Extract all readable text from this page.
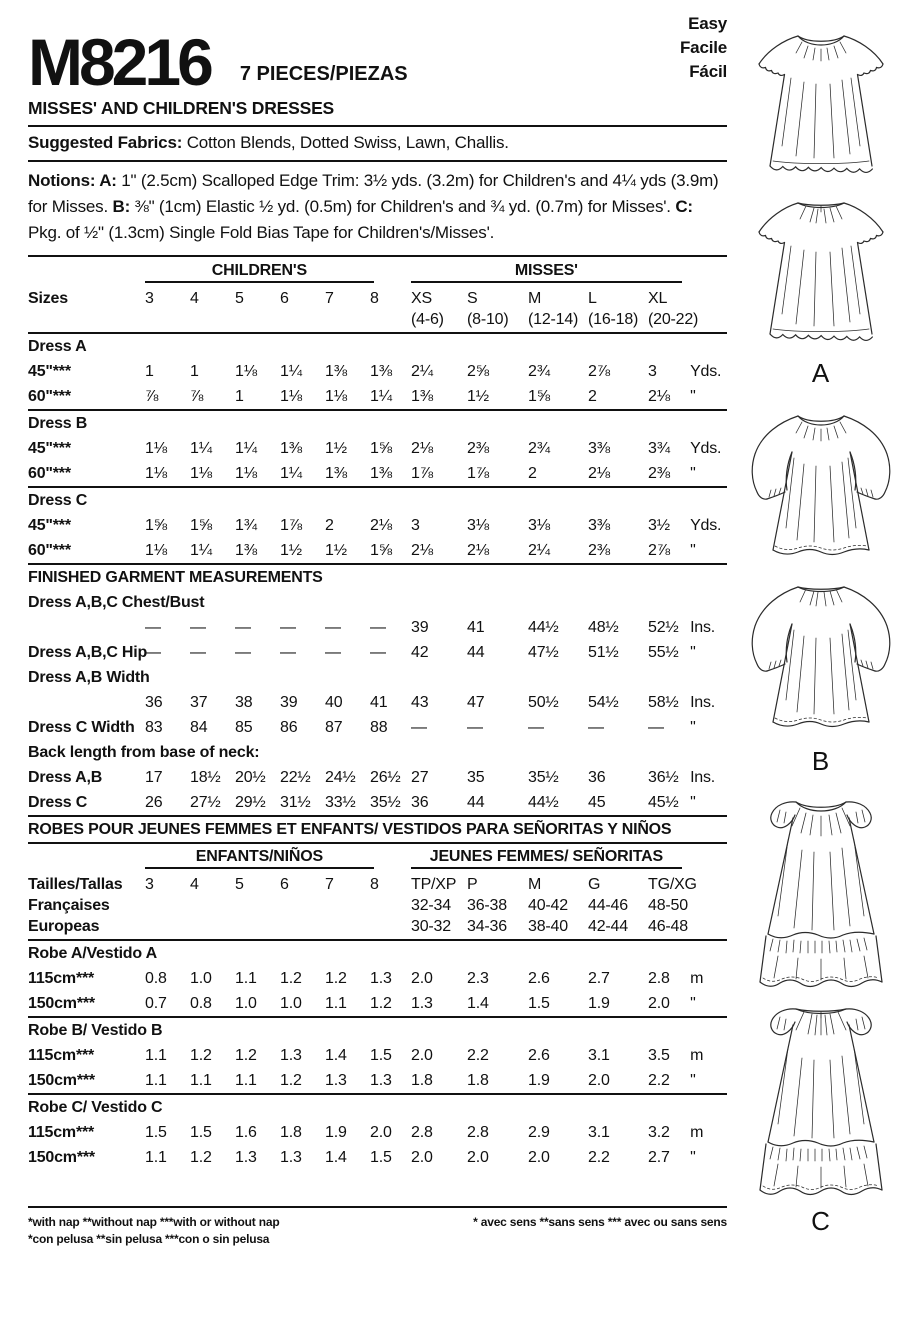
M8216 7 PIECES/PIEZAS
Easy
Facile
Fácil
MISSES' AND CHILDREN'S DRESSES
Suggested Fabrics: Cotton Blends, Dotted Swiss, Lawn, Challis.
Notions: A: 1" (2.5cm) Scalloped Edge Trim: 3½ yds. (3.2m) for Children's and 4¼ yds (3.9m) for Misses. B: ⅜" (1cm) Elastic ½ yd. (0.5m) for Children's and ¾ yd. (0.7m) for Misses'. C: Pkg. of ½" (1.3cm) Single Fold Bias Tape for Children's/Misses'.

	CHILDREN'S						MISSES'					

Sizes	3	4	5	6	7	8	XS	S	M	L	XL	
							(4-6)	(8-10)	(12-14)	(16-18)	(20-22)	
Dress A												
45"***	1	1	1⅛	1¼	1⅜	1⅜	2¼	2⅝	2¾	2⅞	3	Yds.
60"***	⅞	⅞	1	1⅛	1⅛	1¼	1⅜	1½	1⅝	2	2⅛	"
Dress B												
45"***	1⅛	1¼	1¼	1⅜	1½	1⅝	2⅛	2⅜	2¾	3⅜	3¾	Yds.
60"***	1⅛	1⅛	1⅛	1¼	1⅜	1⅜	1⅞	1⅞	2	2⅛	2⅜	"
Dress C												
45"***	1⅝	1⅝	1¾	1⅞	2	2⅛	3	3⅛	3⅛	3⅜	3½	Yds.
60"***	1⅛	1¼	1⅜	1½	1½	1⅝	2⅛	2⅛	2¼	2⅜	2⅞	"
FINISHED GARMENT MEASUREMENTS												
Dress A,B,C Chest/Bust												
	—	—	—	—	—	—	39	41	44½	48½	52½	Ins.
Dress A,B,C Hip	—	—	—	—	—	—	42	44	47½	51½	55½	"
Dress A,B Width												
	36	37	38	39	40	41	43	47	50½	54½	58½	Ins.
Dress C Width	83	84	85	86	87	88	—	—	—	—	—	"
Back length from base of neck:												
Dress A,B	17	18½	20½	22½	24½	26½	27	35	35½	36	36½	Ins.
Dress C	26	27½	29½	31½	33½	35½	36	44	44½	45	45½	"
ROBES POUR JEUNES FEMMES ET ENFANTS/ VESTIDOS PARA SEÑORITAS Y NIÑOS												

	ENFANTS/NIÑOS						JEUNES FEMMES/ SEÑORITAS					

Tailles/Tallas	3	4	5	6	7	8	TP/XP	P	M	G	TG/XG	
Françaises							32-34	36-38	40-42	44-46	48-50	
Europeas							30-32	34-36	38-40	42-44	46-48	
Robe A/Vestido A												
115cm***	0.8	1.0	1.1	1.2	1.2	1.3	2.0	2.3	2.6	2.7	2.8	m
150cm***	0.7	0.8	1.0	1.0	1.1	1.2	1.3	1.4	1.5	1.9	2.0	"
Robe B/ Vestido B												
115cm***	1.1	1.2	1.2	1.3	1.4	1.5	2.0	2.2	2.6	3.1	3.5	m
150cm***	1.1	1.1	1.1	1.2	1.3	1.3	1.8	1.8	1.9	2.0	2.2	"
Robe C/ Vestido C												
115cm***	1.5	1.5	1.6	1.8	1.9	2.0	2.8	2.8	2.9	3.1	3.2	m
150cm***	1.1	1.2	1.3	1.3	1.4	1.5	2.0	2.0	2.0	2.2	2.7	"
*with nap **without nap ***with or without nap
*con pelusa **sin pelusa ***con o sin pelusa
* avec sens **sans sens *** avec ou sans sens
A
B
C
